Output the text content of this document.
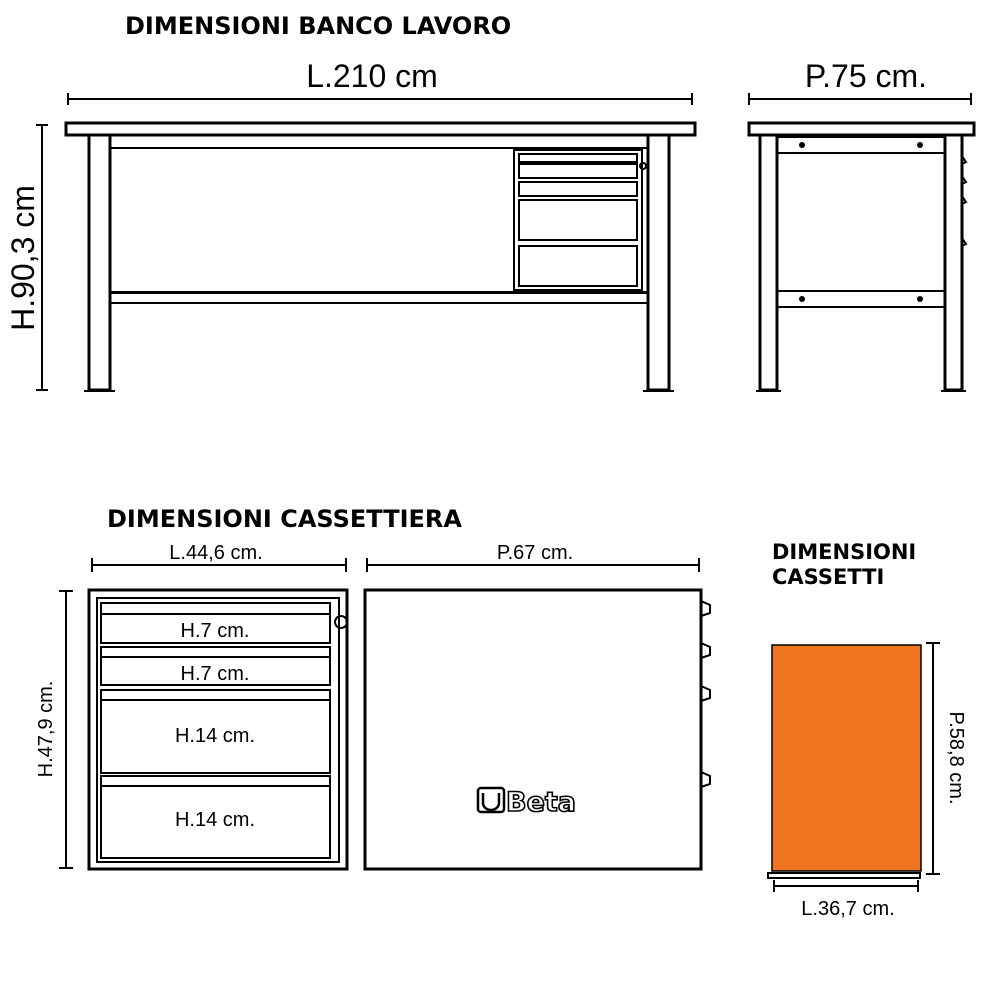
DIMENSIONI BANCO LAVORO
L.210 cm
H.90,3 cm
P.75 cm.
DIMENSIONI CASSETTIERA
L.44,6 cm.	P.67 cm.
H.47,9 cm.
H.7 cm.
H.7 cm.
H.14 cm.
H.14 cm.
Beta
DIMENSIONI
CASSETTI
P.58,8 cm.
L.36,7 cm.
